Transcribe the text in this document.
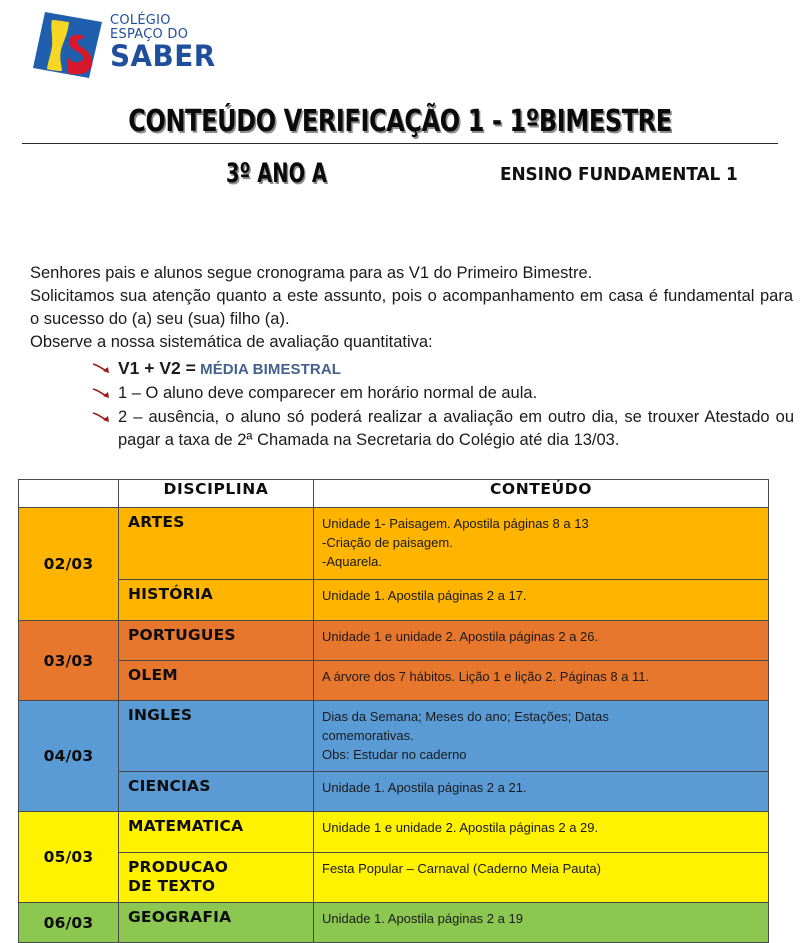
COLÉGIO
ESPAÇO DO
SABER
CONTEÚDO VERIFICAÇÃO 1 - 1ºBIMESTRE
3º ANO A	ENSINO FUNDAMENTAL 1

Senhores pais e alunos segue cronograma para as V1 do Primeiro Bimestre.

Solicitamos sua atenção quanto a este assunto, pois o acompanhamento em casa é fundamental para o sucesso do (a) seu (sua) filho (a).

Observe a nossa sistemática de avaliação quantitativa:

V1 + V2 = MÉDIA BIMESTRAL
1 – O aluno deve comparecer em horário normal de aula.
2 – ausência, o aluno só poderá realizar a avaliação em outro dia, se trouxer Atestado ou pagar a taxa de 2ª Chamada na Secretaria do Colégio até dia 13/03.
	DISCIPLINA	CONTEÚDO
02/03	ARTES	Unidade 1- Paisagem. Apostila páginas 8 a 13
-Criação de paisagem.
-Aquarela.

	HISTÓRIA	Unidade 1. Apostila páginas 2 a 17.

03/03	PORTUGUES	Unidade 1 e unidade 2. Apostila páginas 2 a 26.

	OLEM	A árvore dos 7 hábitos. Lição 1 e lição 2. Páginas 8 a 11.

04/03	INGLES	Dias da Semana; Meses do ano; Estações; Datas
comemorativas.
Obs: Estudar no caderno

	CIENCIAS	Unidade 1. Apostila páginas 2 a 21.

05/03	MATEMATICA	Unidade 1 e unidade 2. Apostila páginas 2 a 29.

	PRODUCAO
DE TEXTO	Festa Popular – Carnaval (Caderno Meia Pauta)

06/03	GEOGRAFIA	Unidade 1. Apostila páginas 2 a 19
